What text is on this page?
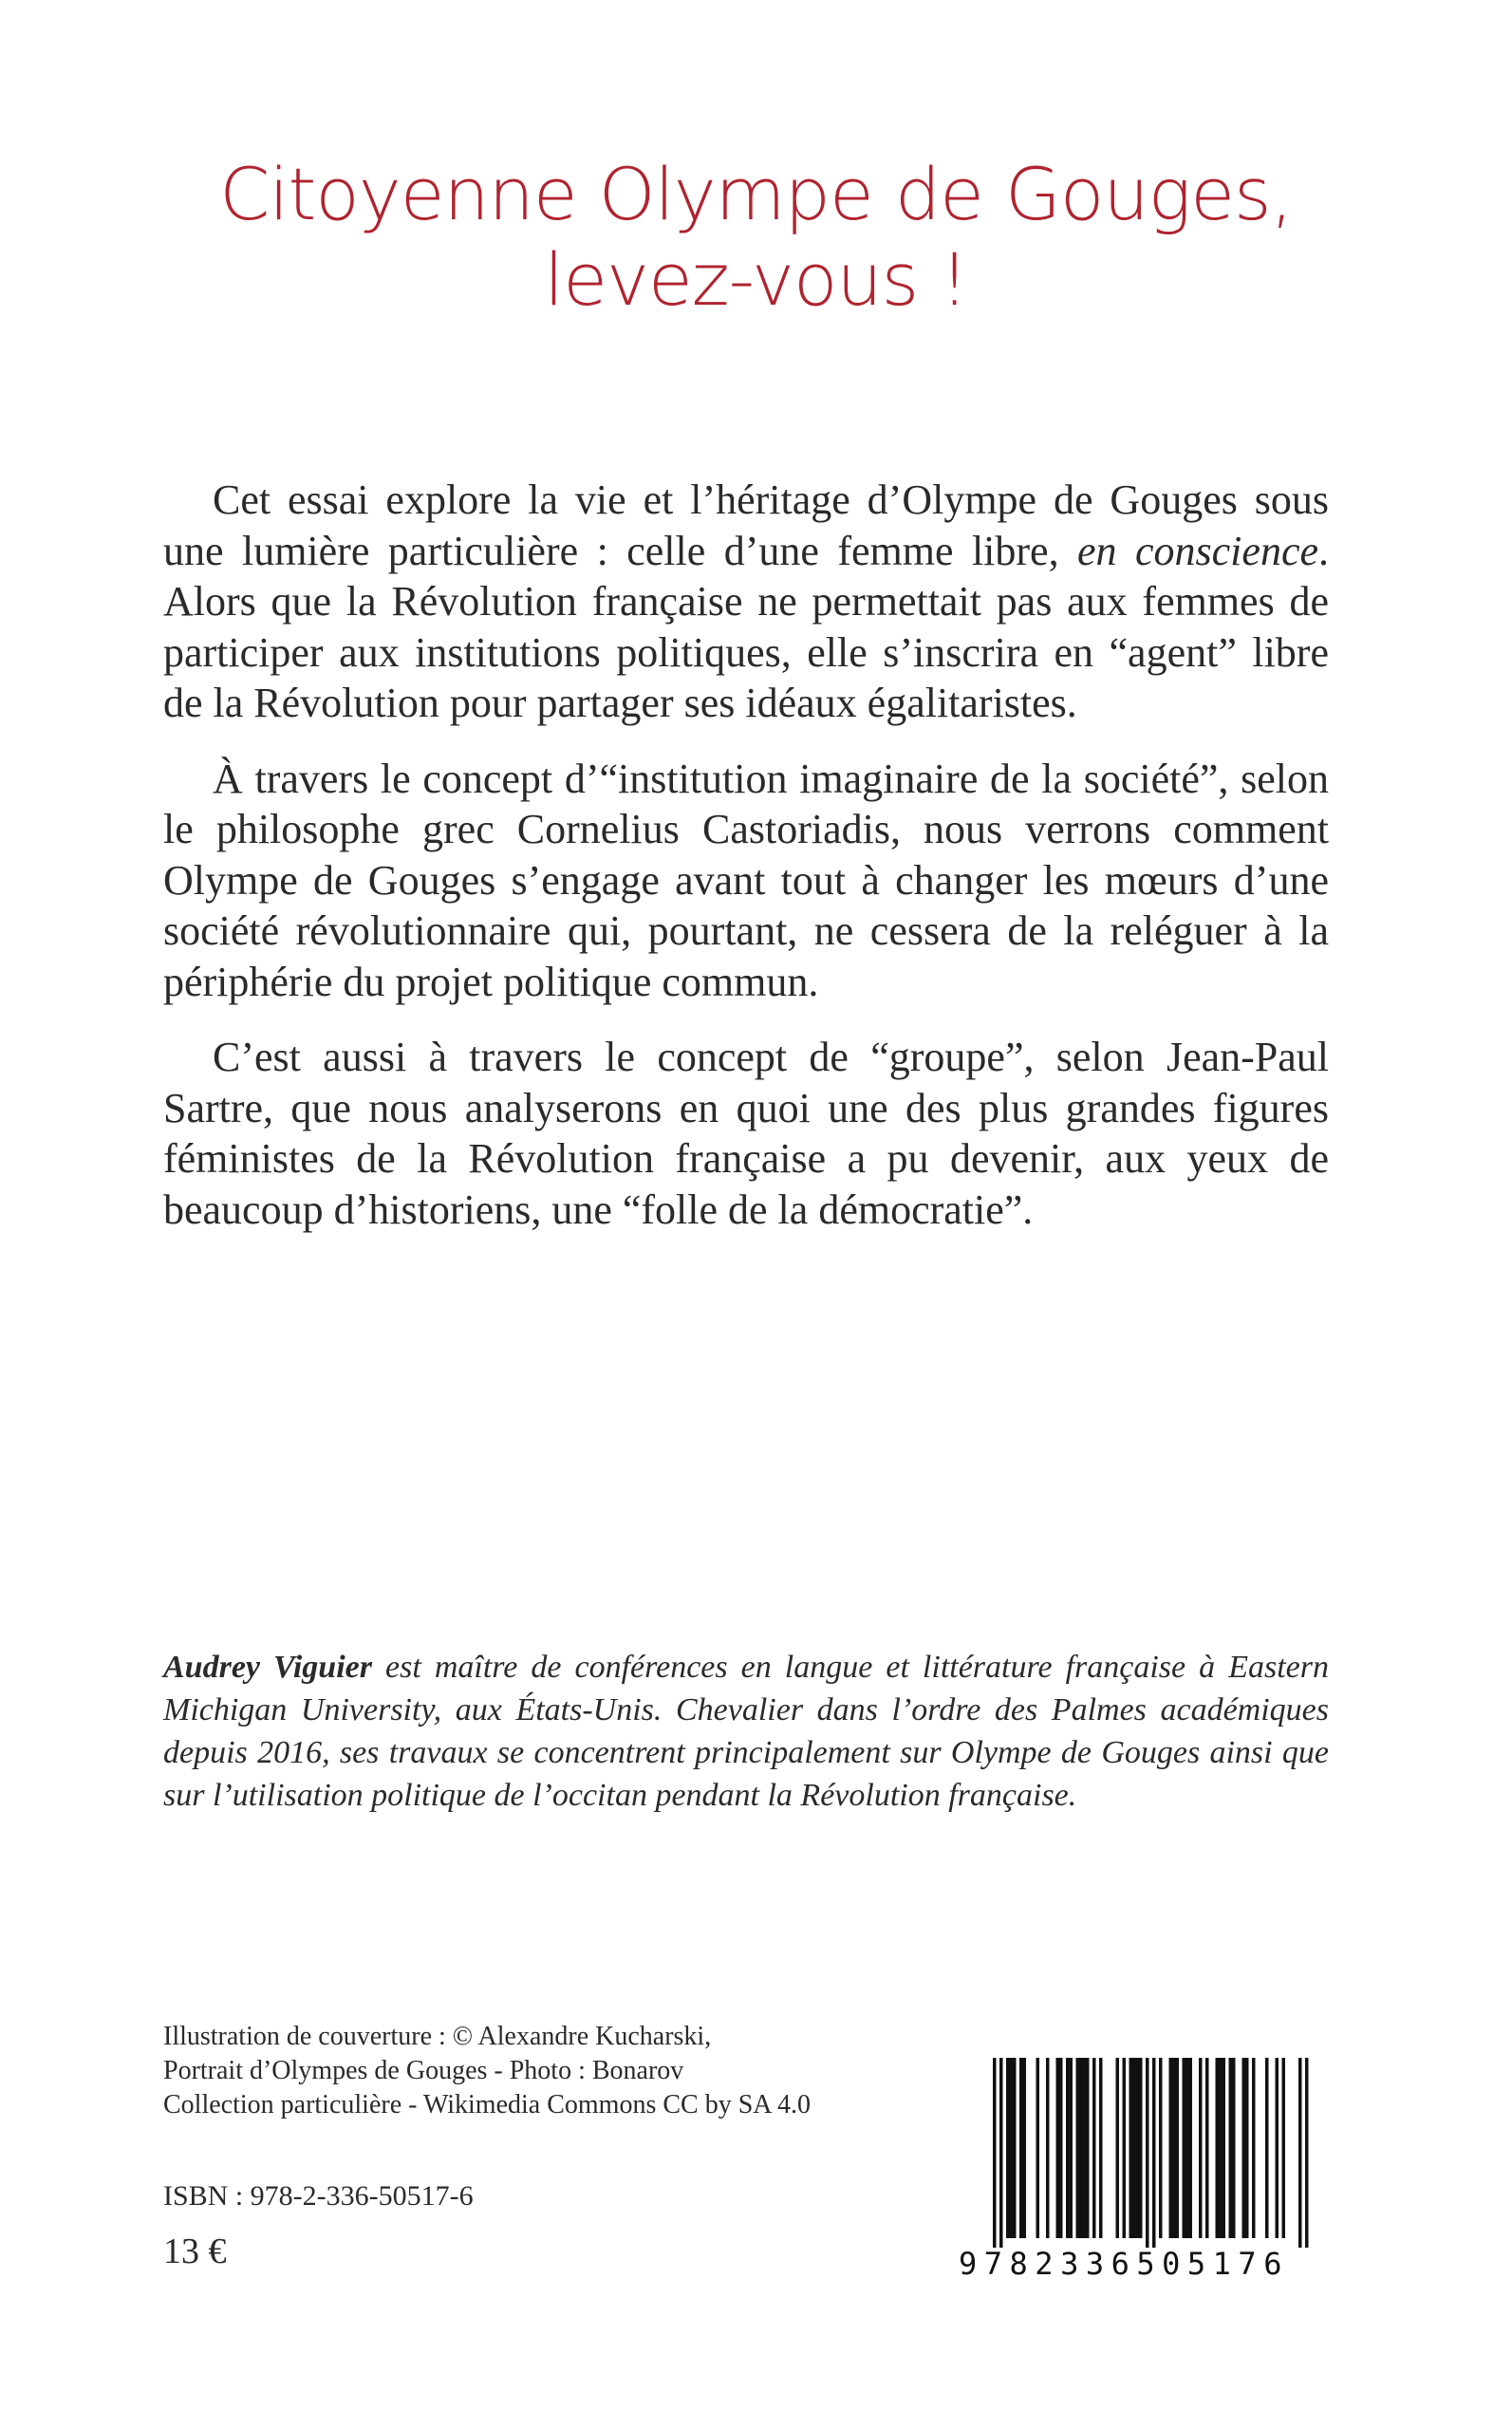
Citoyenne Olympe de Gouges,
levez-vous !

Cet essai explore la vie et l’héritage d’Olympe de Gouges sous une lumière particulière : celle d’une femme libre, en conscience. Alors que la Révolution française ne permettait pas aux femmes de participer aux institutions politiques, elle s’inscrira en “agent” libre de la Révolution pour partager ses idéaux égalitaristes.

À travers le concept d’“institution imaginaire de la société”, selon le philosophe grec Cornelius Castoriadis, nous verrons comment Olympe de Gouges s’engage avant tout à changer les mœurs d’une société révolutionnaire qui, pourtant, ne cessera de la reléguer à la périphérie du projet politique commun.

C’est aussi à travers le concept de “groupe”, selon Jean-Paul Sartre, que nous analyserons en quoi une des plus grandes figures féministes de la Révolution française a pu devenir, aux yeux de beaucoup d’historiens, une “folle de la démocratie”.

Audrey Viguier est maître de conférences en langue et littérature française à Eastern Michigan University, aux États-Unis. Chevalier dans l’ordre des Palmes académiques depuis 2016, ses travaux se concentrent principalement sur Olympe de Gouges ainsi que sur l’utilisation politique de l’occitan pendant la Révolution française.
Illustration de couverture : © Alexandre Kucharski,
Portrait d’Olympes de Gouges - Photo : Bonarov
Collection particulière - Wikimedia Commons CC by SA 4.0
ISBN : 978-2-336-50517-6
13 €	9782336505176
